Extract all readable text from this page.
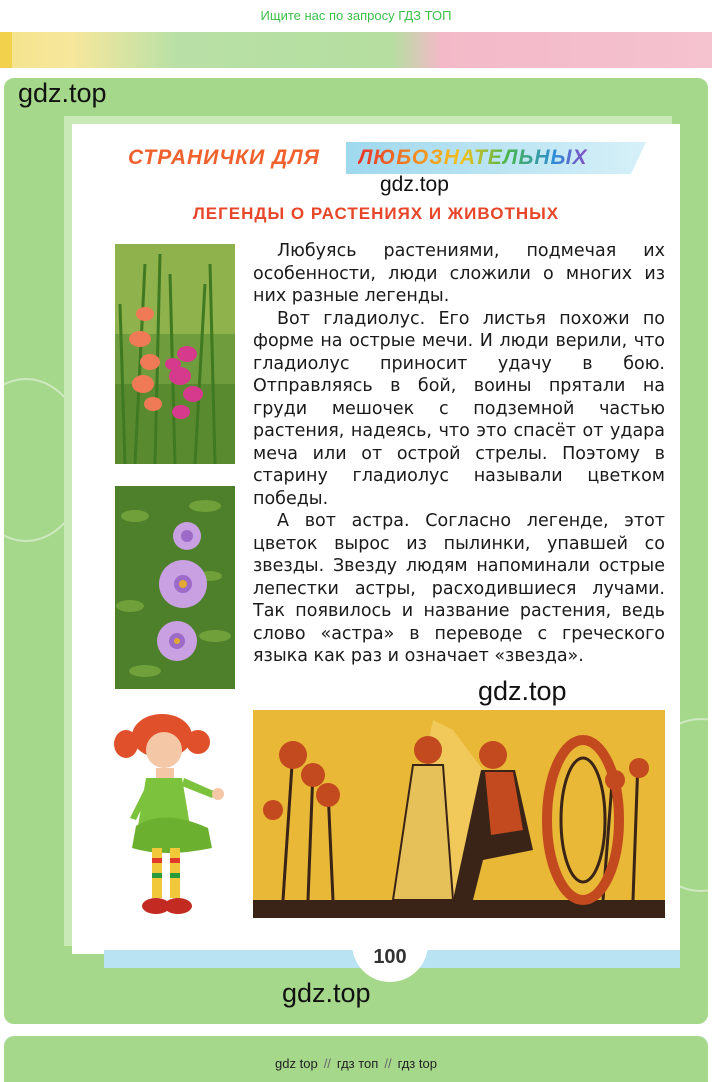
Ищите нас по запросу ГДЗ ТОП
gdz.top
СТРАНИЧКИ ДЛЯ ЛЮБОЗНАТЕЛЬНЫХ
gdz.top
ЛЕГЕНДЫ О РАСТЕНИЯХ И ЖИВОТНЫХ

Любуясь растениями, подмечая их особенности, люди сложили о многих из них разные легенды.

Вот гладиолус. Его листья похожи по форме на острые мечи. И люди верили, что гладиолус приносит удачу в бою. Отправляясь в бой, воины прятали на груди мешочек с подземной частью растения, надеясь, что это спасёт от удара меча или от острой стрелы. Поэтому в старину гладиолус называли цветком победы.

А вот астра. Согласно легенде, этот цветок вырос из пылинки, упавшей со звезды. Звезду людям напоминали острые лепестки астры, расходившиеся лучами. Так появилось и название растения, ведь слово «астра» в переводе с греческого языка как раз и означает «звезда».

gdz.top
100
gdz.top
gdz top // гдз топ // гдз top
